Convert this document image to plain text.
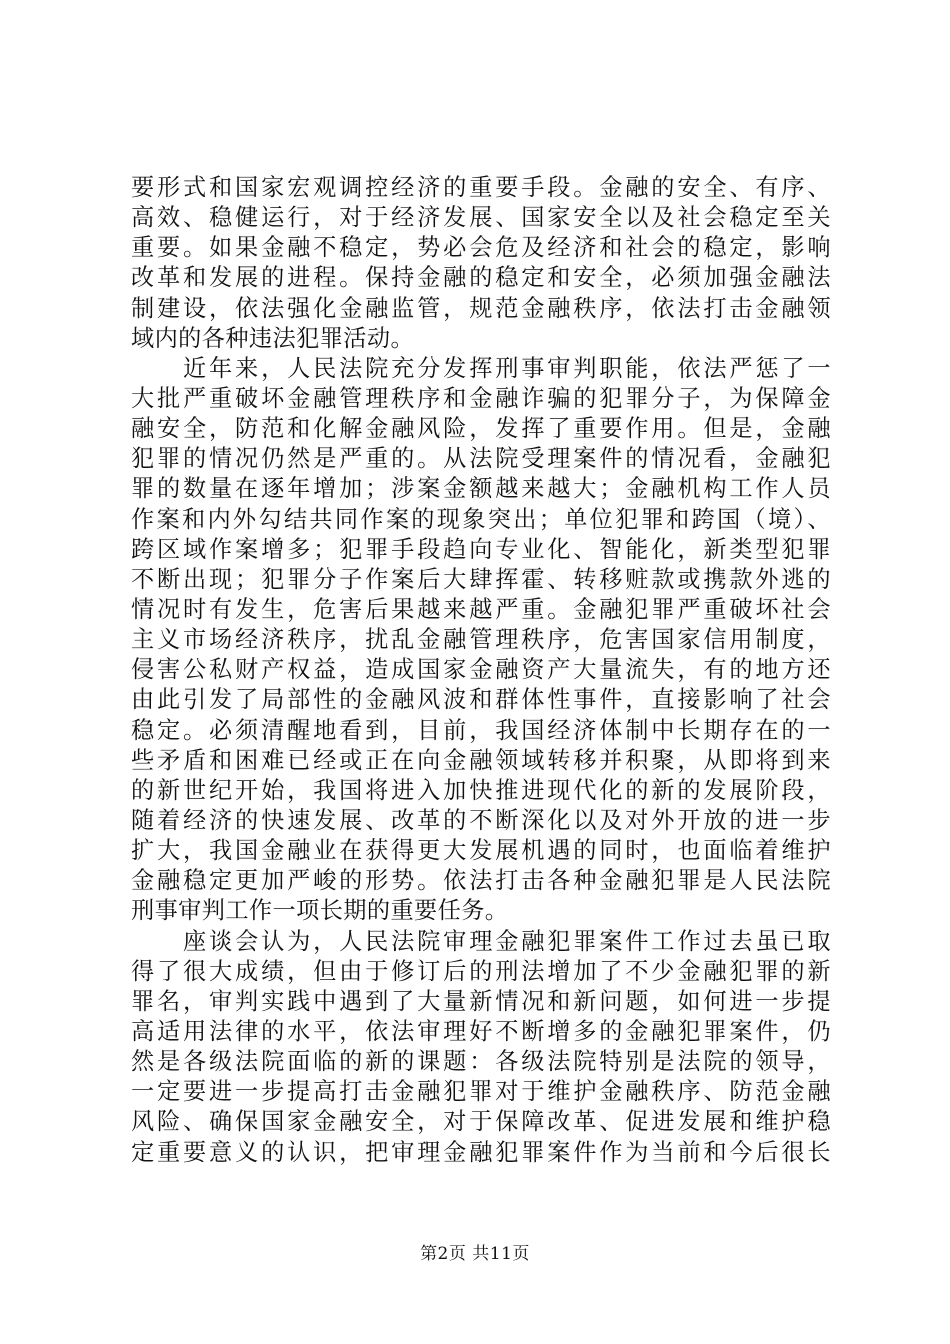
要形式和国家宏观调控经济的重要手段。金融的安全、有序、
高效、稳健运行，对于经济发展、国家安全以及社会稳定至关
重要。如果金融不稳定，势必会危及经济和社会的稳定，影响
改革和发展的进程。保持金融的稳定和安全，必须加强金融法
制建设，依法强化金融监管，规范金融秩序，依法打击金融领
域内的各种违法犯罪活动。
　　近年来，人民法院充分发挥刑事审判职能，依法严惩了一
大批严重破坏金融管理秩序和金融诈骗的犯罪分子，为保障金
融安全，防范和化解金融风险，发挥了重要作用。但是，金融
犯罪的情况仍然是严重的。从法院受理案件的情况看，金融犯
罪的数量在逐年增加；涉案金额越来越大；金融机构工作人员
作案和内外勾结共同作案的现象突出；单位犯罪和跨国（境）、
跨区域作案增多；犯罪手段趋向专业化、智能化，新类型犯罪
不断出现；犯罪分子作案后大肆挥霍、转移赃款或携款外逃的
情况时有发生，危害后果越来越严重。金融犯罪严重破坏社会
主义市场经济秩序，扰乱金融管理秩序，危害国家信用制度，
侵害公私财产权益，造成国家金融资产大量流失，有的地方还
由此引发了局部性的金融风波和群体性事件，直接影响了社会
稳定。必须清醒地看到，目前，我国经济体制中长期存在的一
些矛盾和困难已经或正在向金融领域转移并积聚，从即将到来
的新世纪开始，我国将进入加快推进现代化的新的发展阶段，
随着经济的快速发展、改革的不断深化以及对外开放的进一步
扩大，我国金融业在获得更大发展机遇的同时，也面临着维护
金融稳定更加严峻的形势。依法打击各种金融犯罪是人民法院
刑事审判工作一项长期的重要任务。
　　座谈会认为，人民法院审理金融犯罪案件工作过去虽已取
得了很大成绩，但由于修订后的刑法增加了不少金融犯罪的新
罪名，审判实践中遇到了大量新情况和新问题，如何进一步提
高适用法律的水平，依法审理好不断增多的金融犯罪案件，仍
然是各级法院面临的新的课题：各级法院特别是法院的领导，
一定要进一步提高打击金融犯罪对于维护金融秩序、防范金融
风险、确保国家金融安全，对于保障改革、促进发展和维护稳
定重要意义的认识，把审理金融犯罪案件作为当前和今后很长
第2页 共11页
